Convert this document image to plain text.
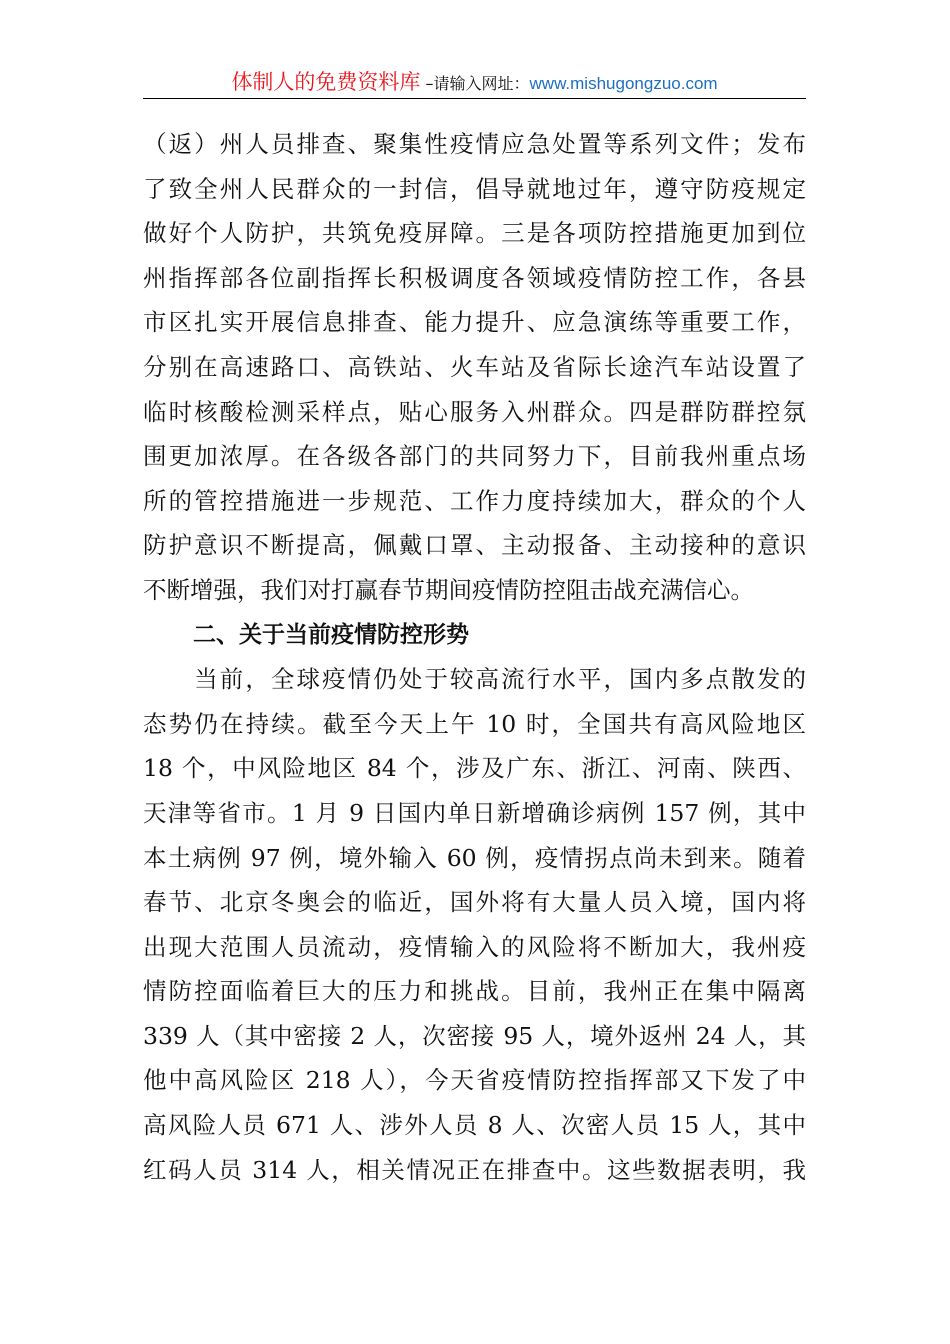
体制人的免费资料库 –请输入网址：www.mishugongzuo.com
（返）州人员排查、聚集性疫情应急处置等系列文件；发布
了致全州人民群众的一封信，倡导就地过年，遵守防疫规定
做好个人防护，共筑免疫屏障。三是各项防控措施更加到位
州指挥部各位副指挥长积极调度各领域疫情防控工作，各县
市区扎实开展信息排查、能力提升、应急演练等重要工作，
分别在高速路口、高铁站、火车站及省际长途汽车站设置了
临时核酸检测采样点，贴心服务入州群众。四是群防群控氛
围更加浓厚。在各级各部门的共同努力下，目前我州重点场
所的管控措施进一步规范、工作力度持续加大，群众的个人
防护意识不断提高，佩戴口罩、主动报备、主动接种的意识
不断增强，我们对打赢春节期间疫情防控阻击战充满信心。
二、关于当前疫情防控形势
　　当前，全球疫情仍处于较高流行水平，国内多点散发的
态势仍在持续。截至今天上午 10 时，全国共有高风险地区
18 个，中风险地区 84 个，涉及广东、浙江、河南、陕西、
天津等省市。1 月 9 日国内单日新增确诊病例 157 例，其中
本土病例 97 例，境外输入 60 例，疫情拐点尚未到来。随着
春节、北京冬奥会的临近，国外将有大量人员入境，国内将
出现大范围人员流动，疫情输入的风险将不断加大，我州疫
情防控面临着巨大的压力和挑战。目前，我州正在集中隔离
339 人（其中密接 2 人，次密接 95 人，境外返州 24 人，其
他中高风险区 218 人），今天省疫情防控指挥部又下发了中
高风险人员 671 人、涉外人员 8 人、次密人员 15 人，其中
红码人员 314 人，相关情况正在排查中。这些数据表明，我
